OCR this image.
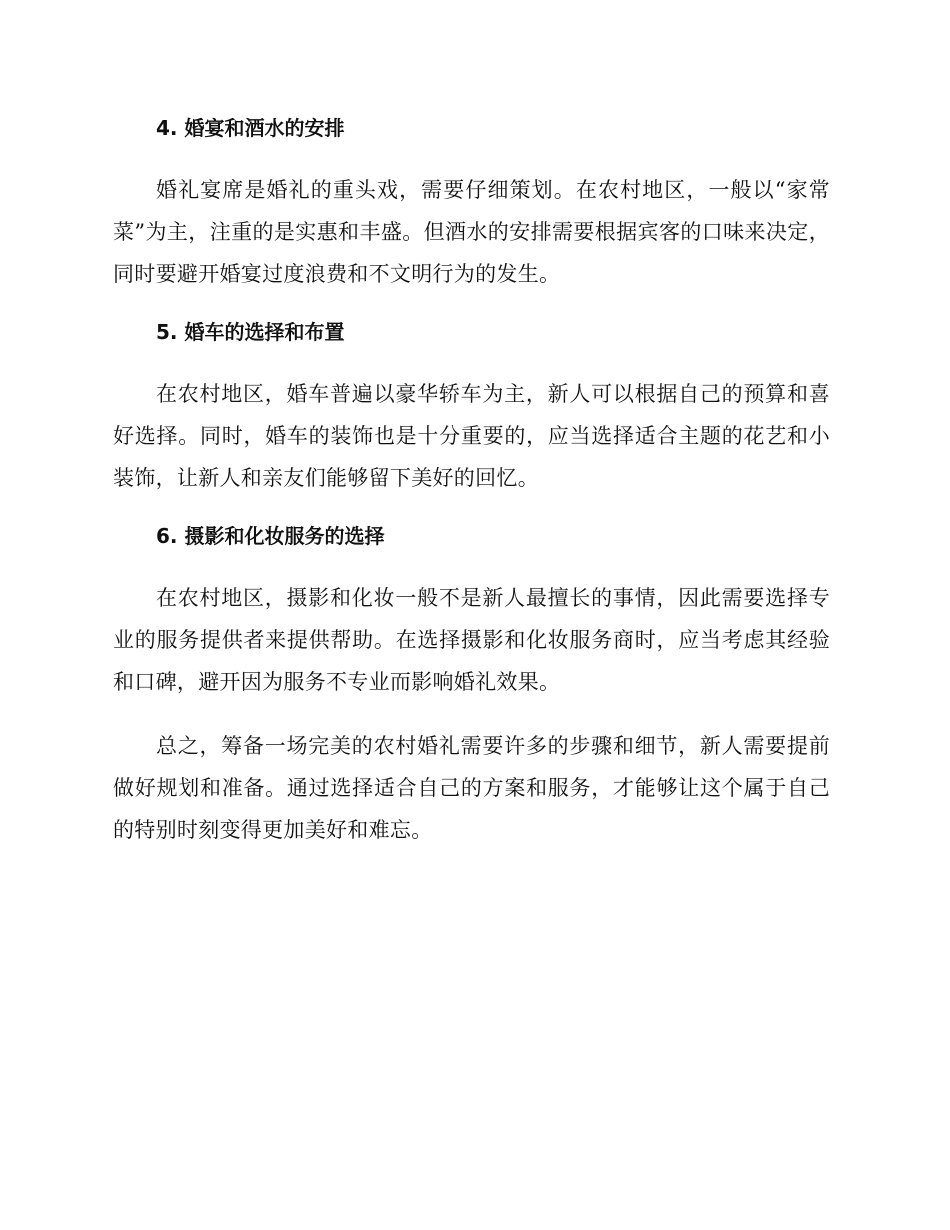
4. 婚宴和酒水的安排

婚礼宴席是婚礼的重头戏，需要仔细策划。在农村地区，一般以“家常菜”为主，注重的是实惠和丰盛。但酒水的安排需要根据宾客的口味来决定，同时要避开婚宴过度浪费和不文明行为的发生。

5. 婚车的选择和布置

在农村地区，婚车普遍以豪华轿车为主，新人可以根据自己的预算和喜好选择。同时，婚车的装饰也是十分重要的，应当选择适合主题的花艺和小装饰，让新人和亲友们能够留下美好的回忆。

6. 摄影和化妆服务的选择

在农村地区，摄影和化妆一般不是新人最擅长的事情，因此需要选择专业的服务提供者来提供帮助。在选择摄影和化妆服务商时，应当考虑其经验和口碑，避开因为服务不专业而影响婚礼效果。

总之，筹备一场完美的农村婚礼需要许多的步骤和细节，新人需要提前做好规划和准备。通过选择适合自己的方案和服务，才能够让这个属于自己的特别时刻变得更加美好和难忘。
